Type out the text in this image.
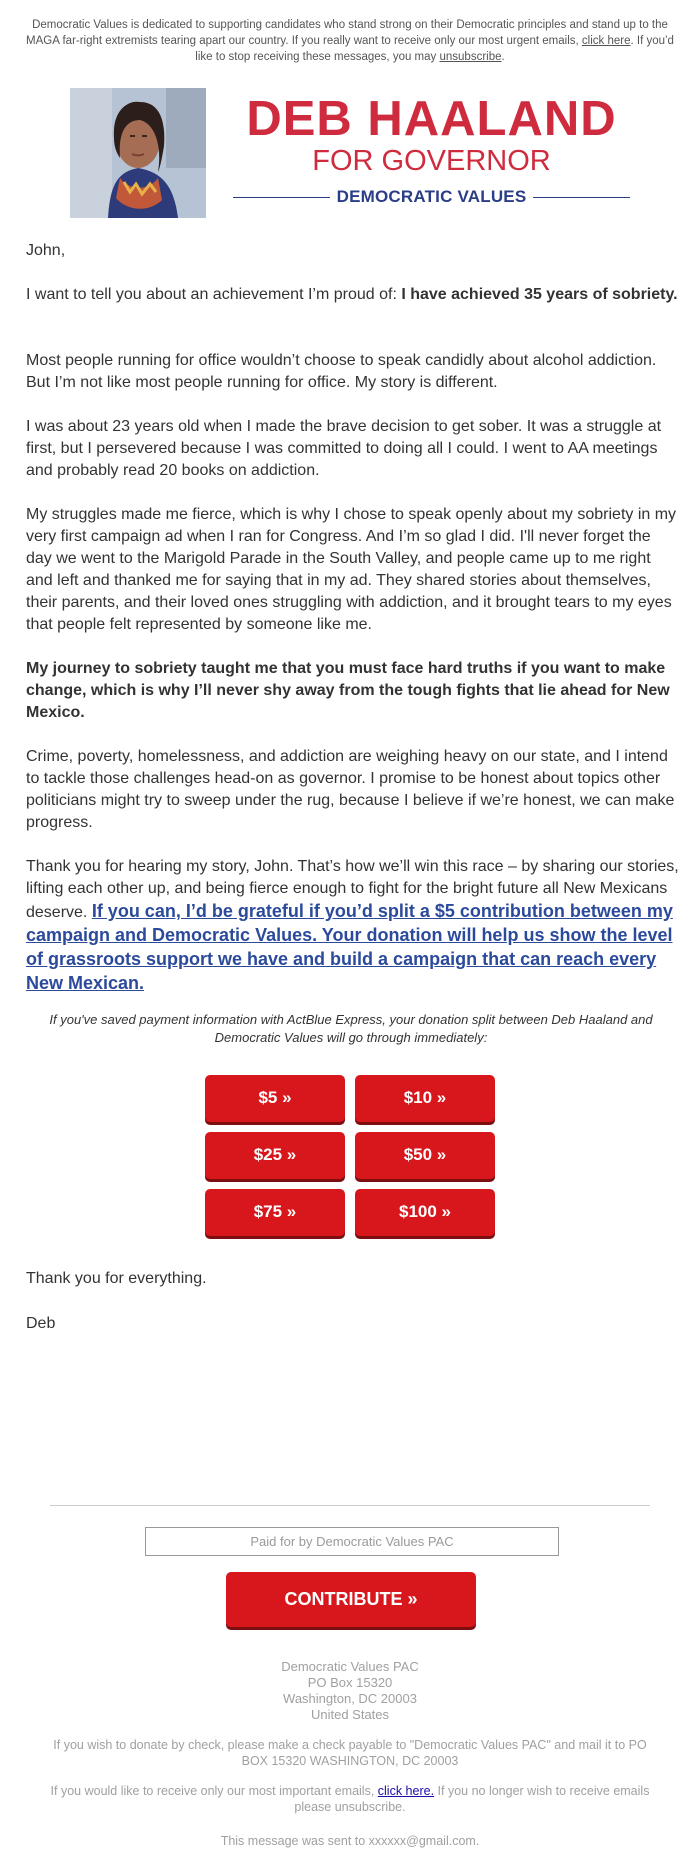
Democratic Values is dedicated to supporting candidates who stand strong on their Democratic principles and stand up to the MAGA far-right extremists tearing apart our country. If you really want to receive only our most urgent emails, click here. If you’d like to stop receiving these messages, you may unsubscribe.
DEB HAALAND
FOR GOVERNOR
DEMOCRATIC VALUES

John,

I want to tell you about an achievement I’m proud of: I have achieved 35 years of sobriety.

Most people running for office wouldn’t choose to speak candidly about alcohol addiction. But I’m not like most people running for office. My story is different.

I was about 23 years old when I made the brave decision to get sober. It was a struggle at first, but I persevered because I was committed to doing all I could. I went to AA meetings and probably read 20 books on addiction.

My struggles made me fierce, which is why I chose to speak openly about my sobriety in my very first campaign ad when I ran for Congress. And I’m so glad I did. I'll never forget the day we went to the Marigold Parade in the South Valley, and people came up to me right and left and thanked me for saying that in my ad. They shared stories about themselves, their parents, and their loved ones struggling with addiction, and it brought tears to my eyes that people felt represented by someone like me.

My journey to sobriety taught me that you must face hard truths if you want to make change, which is why I’ll never shy away from the tough fights that lie ahead for New Mexico.

Crime, poverty, homelessness, and addiction are weighing heavy on our state, and I intend to tackle those challenges head-on as governor. I promise to be honest about topics other politicians might try to sweep under the rug, because I believe if we’re honest, we can make progress.

Thank you for hearing my story, John. That’s how we’ll win this race – by sharing our stories, lifting each other up, and being fierce enough to fight for the bright future all New Mexicans deserve. If you can, I’d be grateful if you’d split a $5 contribution between my campaign and Democratic Values. Your donation will help us show the level of grassroots support we have and build a campaign that can reach every New Mexican.

If you've saved payment information with ActBlue Express, your donation split between Deb Haaland and Democratic Values will go through immediately:
$5 »	$10 »
$25 »	$50 »
$75 »	$100 »

Thank you for everything.

Deb

Paid for by Democratic Values PAC
CONTRIBUTE »
Democratic Values PAC
PO Box 15320
Washington, DC 20003
United States
If you wish to donate by check, please make a check payable to "Democratic Values PAC" and mail it to PO BOX 15320 WASHINGTON, DC 20003
If you would like to receive only our most important emails, click here. If you no longer wish to receive emails please unsubscribe.
This message was sent to xxxxxx@gmail.com.
